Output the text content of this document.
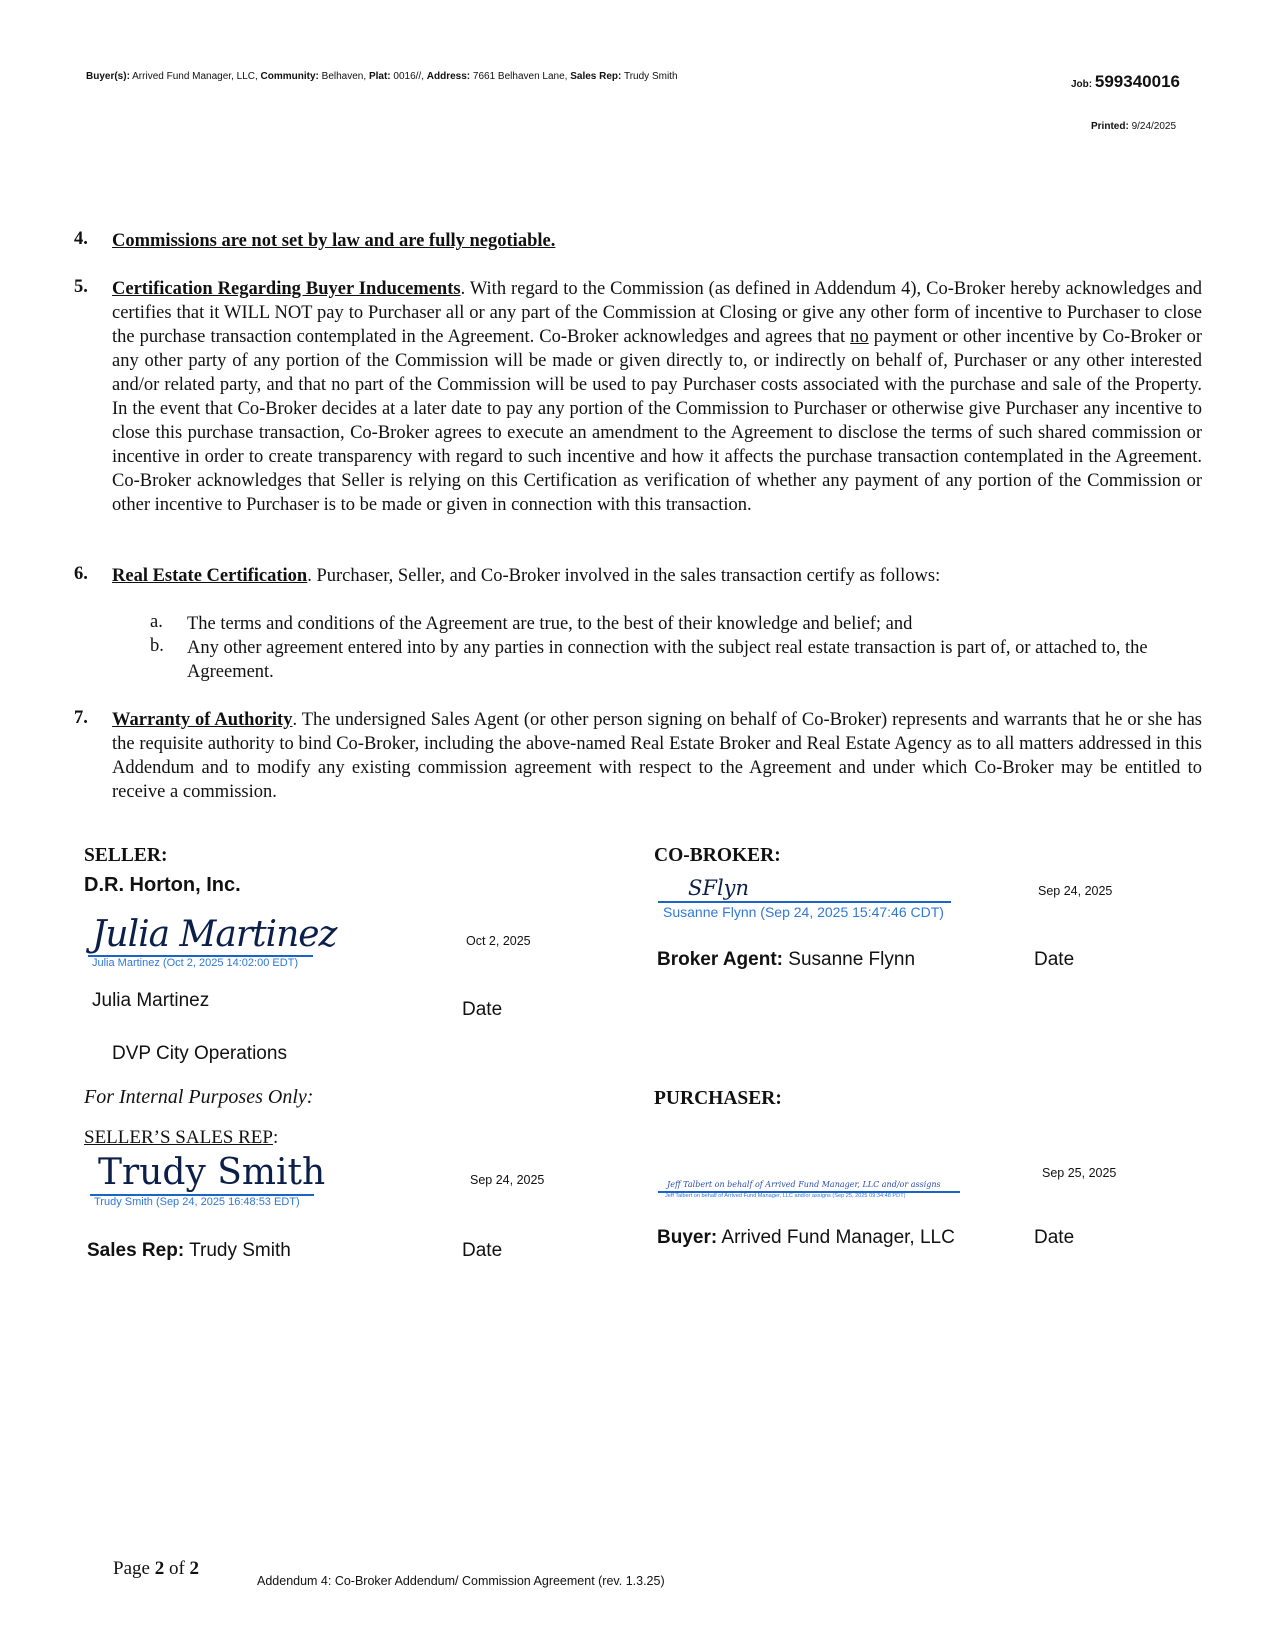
Buyer(s): Arrived Fund Manager, LLC, Community: Belhaven, Plat: 0016//, Address: 7661 Belhaven Lane, Sales Rep: Trudy Smith
Job: 599340016
Printed: 9/24/2025
4. Commissions are not set by law and are fully negotiable.
5. Certification Regarding Buyer Inducements. With regard to the Commission (as defined in Addendum 4), Co-Broker hereby acknowledges and certifies that it WILL NOT pay to Purchaser all or any part of the Commission at Closing or give any other form of incentive to Purchaser to close the purchase transaction contemplated in the Agreement. Co-Broker acknowledges and agrees that no payment or other incentive by Co-Broker or any other party of any portion of the Commission will be made or given directly to, or indirectly on behalf of, Purchaser or any other interested and/or related party, and that no part of the Commission will be used to pay Purchaser costs associated with the purchase and sale of the Property. In the event that Co-Broker decides at a later date to pay any portion of the Commission to Purchaser or otherwise give Purchaser any incentive to close this purchase transaction, Co-Broker agrees to execute an amendment to the Agreement to disclose the terms of such shared commission or incentive in order to create transparency with regard to such incentive and how it affects the purchase transaction contemplated in the Agreement. Co-Broker acknowledges that Seller is relying on this Certification as verification of whether any payment of any portion of the Commission or other incentive to Purchaser is to be made or given in connection with this transaction.
6. Real Estate Certification. Purchaser, Seller, and Co-Broker involved in the sales transaction certify as follows:
a. The terms and conditions of the Agreement are true, to the best of their knowledge and belief; and
b. Any other agreement entered into by any parties in connection with the subject real estate transaction is part of, or attached to, the Agreement.
7. Warranty of Authority. The undersigned Sales Agent (or other person signing on behalf of Co-Broker) represents and warrants that he or she has the requisite authority to bind Co-Broker, including the above-named Real Estate Broker and Real Estate Agency as to all matters addressed in this Addendum and to modify any existing commission agreement with respect to the Agreement and under which Co-Broker may be entitled to receive a commission.
SELLER:
D.R. Horton, Inc.
Julia Martinez
Julia Martinez (Oct 2, 2025 14:02:00 EDT)
Oct 2, 2025
Julia Martinez	Date
DVP City Operations
For Internal Purposes Only:
SELLER’S SALES REP:
Trudy Smith
Trudy Smith (Sep 24, 2025 16:48:53 EDT)
Sep 24, 2025
Sales Rep: Trudy Smith	Date
CO-BROKER:
SFlyn
Susanne Flynn (Sep 24, 2025 15:47:46 CDT)
Sep 24, 2025
Broker Agent: Susanne Flynn	Date
PURCHASER:
Jeff Talbert on behalf of Arrived Fund Manager, LLC and/or assigns
Jeff Talbert on behalf of Arrived Fund Manager, LLC and/or assigns (Sep 25, 2025 09:34:48 PDT)
Sep 25, 2025
Buyer: Arrived Fund Manager, LLC	Date
Page 2 of 2
Addendum 4: Co-Broker Addendum/ Commission Agreement (rev. 1.3.25)
